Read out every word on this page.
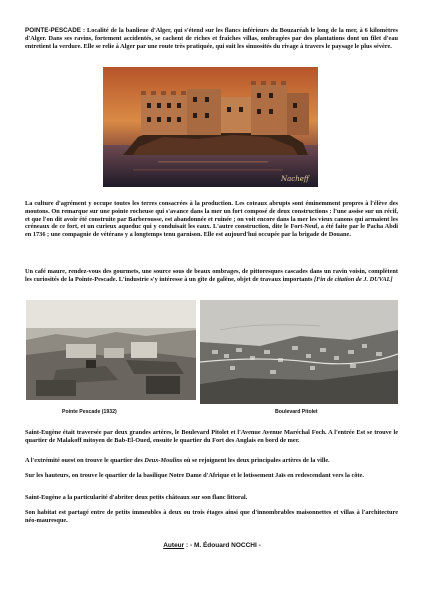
POINTE-PESCADE : Localité de la banlieue d'Alger, qui s'étend sur les flancs inférieurs du Bouzaréah le long de la mer, à 6 kilomètres d'Alger. Dans ses ravins, fortement accidentés, se cachent de riches et fraîches villas, ombragées par des plantations dont un filet d'eau entretient la verdure. Elle se relie à Alger par une route très pratiquée, qui suit les sinuosités du rivage à travers le paysage le plus sévère.

Nacheff

La culture d'agrément y occupe toutes les terres consacrées à la production. Les coteaux abrupts sont éminemment propres à l'élève des moutons. On remarque sur une pointe rocheuse qui s'avance dans la mer un fort composé de deux constructions : l'une assise sur un récif, et que l'on dit avoir été construite par Barberousse, est abandonnée et ruinée ; on voit encore dans la mer les vieux canons qui armaient les créneaux de ce fort, et un curieux aqueduc qui y conduisait les eaux. L'autre construction, dite le Fort-Neuf, a été faite par le Pacha Abdi en 1736 ; une compagnie de vétérans y a longtemps tenu garnison. Elle est aujourd'hui occupée par la brigade de Douane.

Un café maure, rendez-vous des gourmets, une source sous de beaux ombrages, de pittoresques cascades dans un ravin voisin, complètent les curiosités de la Pointe-Pescade. L'industrie s'y intéresse à un gîte de galène, objet de travaux importants [Fin de citation de J. DUVAL]

Pointe Pescade (1932)	Boulevard Pitolet

Saint-Eugène était traversée par deux grandes artères, le Boulevard Pitolet et l'Avenue Avenue Maréchal Foch. A l'entrée Est se trouve le quartier de Malakoff mitoyen de Bab-El-Oued, ensuite le quartier du Fort des Anglais en bord de mer.

A l'extrémité ouest on trouve le quartier des Deux-Moulins où se rejoignent les deux principales artères de la ville.

Sur les hauteurs, on trouve le quartier de la basilique Notre Dame d'Afrique et le lotissement Jaïs en redescendant vers la côte.

Saint-Eugène a la particularité d'abriter deux petits châteaux sur son flanc littoral.

Son habitat est partagé entre de petits immeubles à deux ou trois étages ainsi que d'innombrables maisonnettes et villas à l'architecture néo-mauresque.

Auteur : - M. Édouard NOCCHI -
